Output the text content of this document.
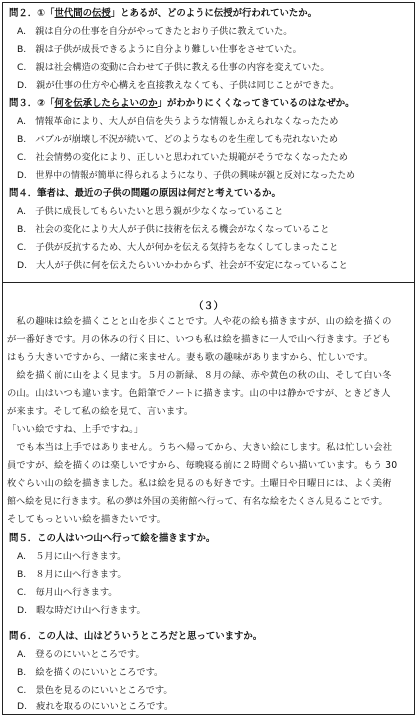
問２．①「世代間の伝授」とあるが、どのように伝授が行われていたか。
A.　親は自分の仕事を自分がやってきたとおり子供に教えていた。
B.　親は子供が成長できるように自分より難しい仕事をさせていた。
C.　親は社会構造の変動に合わせて子供に教える仕事の内容を変えていた。
D.　親が仕事の仕方や心構えを直接教えなくても、子供は同じことができた。
問３．②「何を伝承したらよいのか」がわかりにくくなってきているのはなぜか。
A.　情報革命により、大人が自信を失うような情報しかえられなくなったため
B.　バブルが崩壊し不況が続いて、どのようなものを生産しても売れないため
C.　社会情勢の変化により、正しいと思われていた規範がそうでなくなったため
D.　世界中の情報が簡単に得られるようになり、子供の興味が親と反対になったため
問４．筆者は、最近の子供の問題の原因は何だと考えているか。
A.　子供に成長してもらいたいと思う親が少なくなっていること
B.　社会の変化により大人が子供に技術を伝える機会がなくなっていること
C.　子供が反抗するため、大人が何かを伝える気持ちをなくしてしまったこと
D.　大人が子供に何を伝えたらいいかわからず、社会が不安定になっていること
（３）
　私の趣味は絵を描くことと山を歩くことです。人や花の絵も描きますが、山の絵を描くの
が一番好きです。月の休みの行く日に、いつも私は絵を描きに一人で山へ行きます。子ども
はもう大きいですから、一緒に来ません。妻も歌の趣味がありますから、忙しいです。
　絵を描く前に山をよく見ます。５月の新緑、８月の緑、赤や黄色の秋の山、そして白い冬
の山。山はいつも違います。色鉛筆でノートに描きます。山の中は静かですが、ときどき人
が来ます。そして私の絵を見て、言います。
「いい絵ですね、上手ですね。」
　でも本当は上手ではありません。うちへ帰ってから、大きい絵にします。私は忙しい会社
員ですが、絵を描くのは楽しいですから、毎晩寝る前に２時間ぐらい描いています。もう 30
枚ぐらい山の絵を描きました。私は絵を見るのも好きです。土曜日や日曜日には、よく美術
館へ絵を見に行きます。私の夢は外国の美術館へ行って、有名な絵をたくさん見ることです。
そしてもっといい絵を描きたいです。
問５．この人はいつ山へ行って絵を描きますか。
A.　５月に山へ行きます。
B.　８月に山へ行きます。
C.　毎月山へ行きます。
D.　暇な時だけ山へ行きます。
問６．この人は、山はどういうところだと思っていますか。
A.　登るのにいいところです。
B.　絵を描くのにいいところです。
C.　景色を見るのにいいところです。
D.　疲れを取るのにいいところです。
